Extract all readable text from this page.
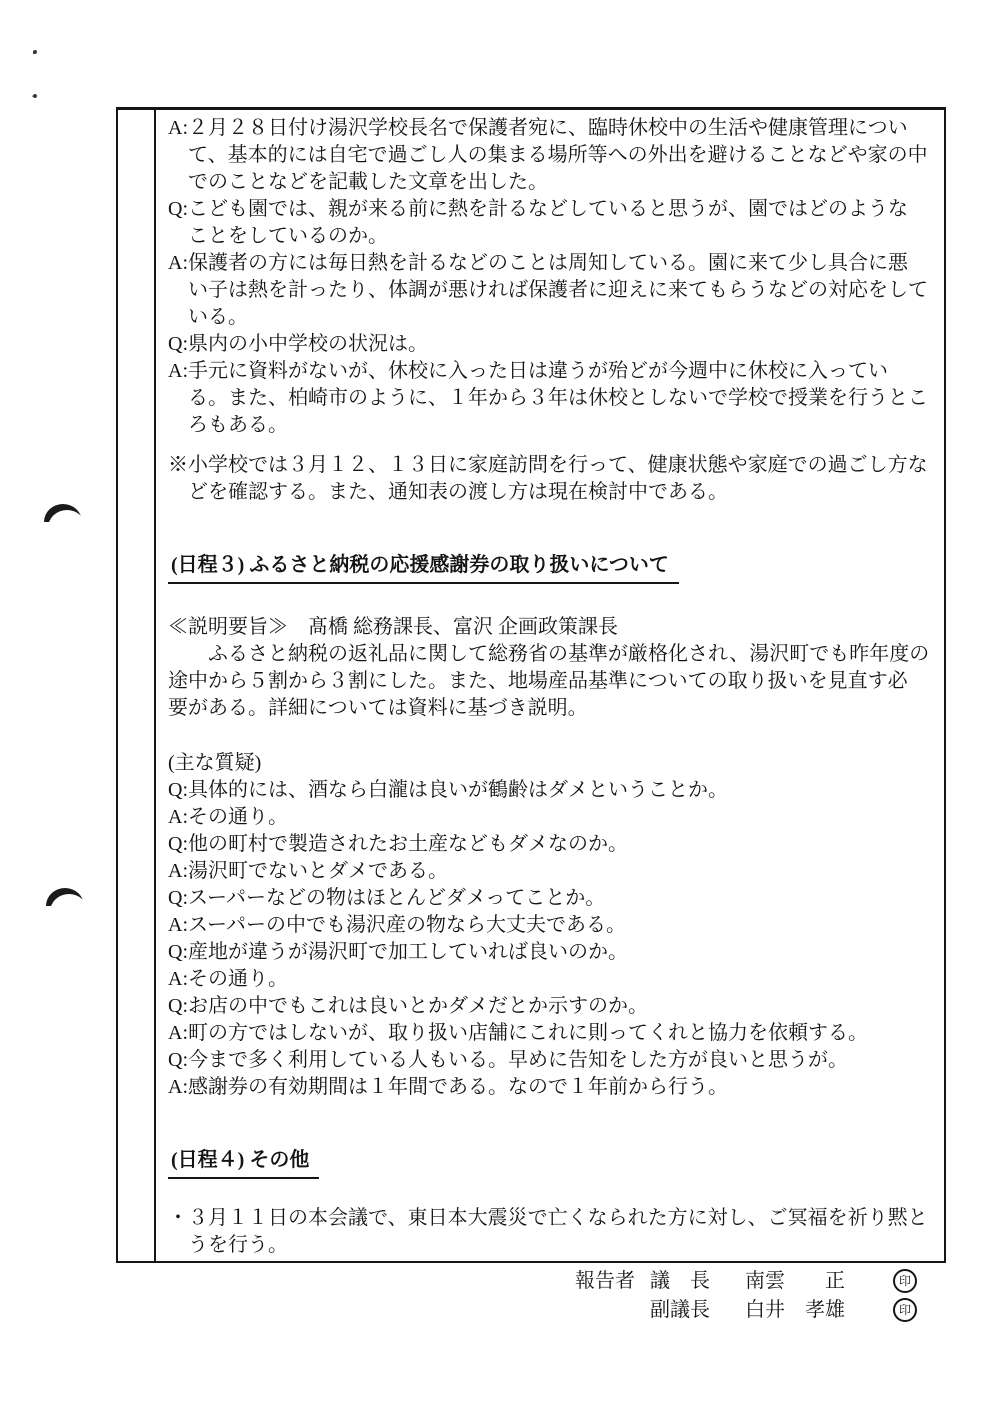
A:２月２８日付け湯沢学校長名で保護者宛に、臨時休校中の生活や健康管理につい
て、基本的には自宅で過ごし人の集まる場所等への外出を避けることなどや家の中
でのことなどを記載した文章を出した。
Q:こども園では、親が来る前に熱を計るなどしていると思うが、園ではどのような
ことをしているのか。
A:保護者の方には毎日熱を計るなどのことは周知している。園に来て少し具合に悪
い子は熱を計ったり、体調が悪ければ保護者に迎えに来てもらうなどの対応をして
いる。
Q:県内の小中学校の状況は。
A:手元に資料がないが、休校に入った日は違うが殆どが今週中に休校に入ってい
る。また、柏崎市のように、１年から３年は休校としないで学校で授業を行うとこ
ろもある。
※小学校では３月１２、１３日に家庭訪問を行って、健康状態や家庭での過ごし方な
どを確認する。また、通知表の渡し方は現在検討中である。
(日程３) ふるさと納税の応援感謝券の取り扱いについて
≪説明要旨≫　髙橋 総務課長、富沢 企画政策課長
ふるさと納税の返礼品に関して総務省の基準が厳格化され、湯沢町でも昨年度の
途中から５割から３割にした。また、地場産品基準についての取り扱いを見直す必
要がある。詳細については資料に基づき説明。
(主な質疑)
Q:具体的には、酒なら白瀧は良いが鶴齢はダメということか。
A:その通り。
Q:他の町村で製造されたお土産などもダメなのか。
A:湯沢町でないとダメである。
Q:スーパーなどの物はほとんどダメってことか。
A:スーパーの中でも湯沢産の物なら大丈夫である。
Q:産地が違うが湯沢町で加工していれば良いのか。
A:その通り。
Q:お店の中でもこれは良いとかダメだとか示すのか。
A:町の方ではしないが、取り扱い店舗にこれに則ってくれと協力を依頼する。
Q:今まで多く利用している人もいる。早めに告知をした方が良いと思うが。
A:感謝券の有効期間は１年間である。なので１年前から行う。
(日程４) その他
・３月１１日の本会議で、東日本大震災で亡くなられた方に対し、ご冥福を祈り黙と
うを行う。
報告者 議　長	南雲　　正	印
副議長	白井　孝雄	印
